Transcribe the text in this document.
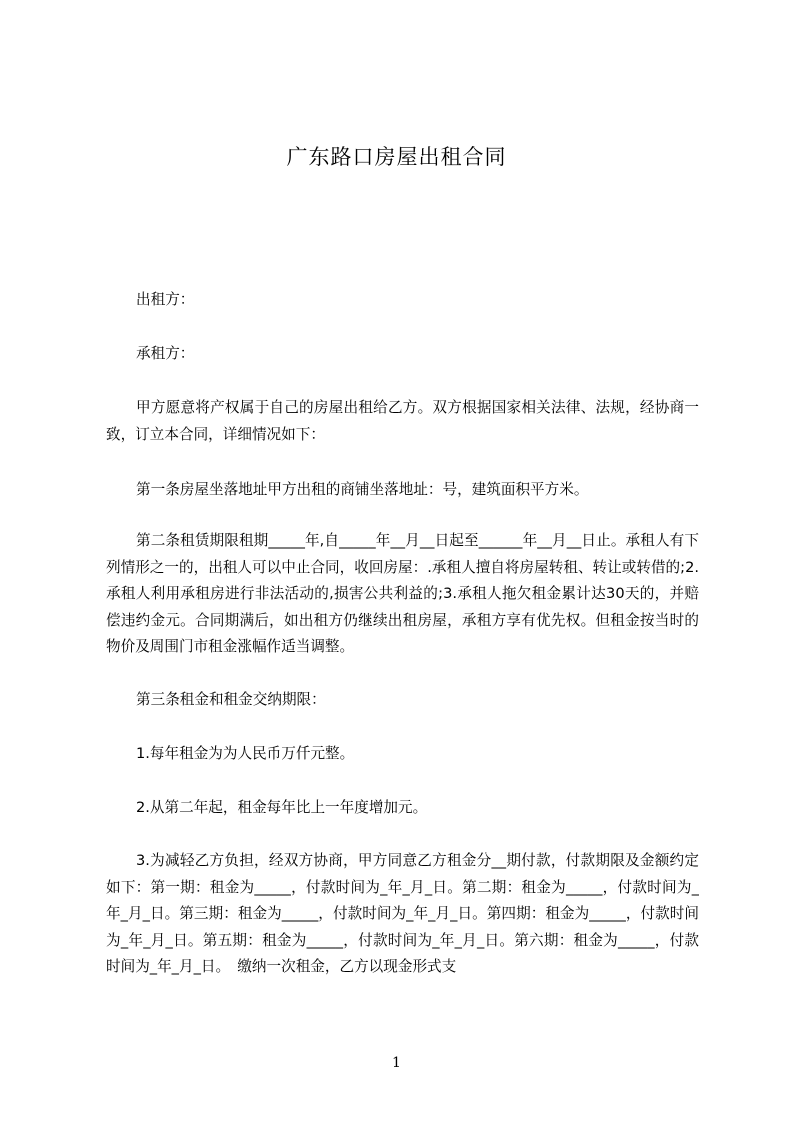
广东路口房屋出租合同

出租方：

承租方：

甲方愿意将产权属于自己的房屋出租给乙方。双方根据国家相关法律、法规，经协商一致，订立本合同，详细情况如下：

第一条房屋坐落地址甲方出租的商铺坐落地址：号，建筑面积平方米。

第二条租赁期限租期_____年,自_____年__月__日起至______年__月__日止。承租人有下列情形之一的，出租人可以中止合同，收回房屋：.承租人擅自将房屋转租、转让或转借的;2.承租人利用承租房进行非法活动的,损害公共利益的;3.承租人拖欠租金累计达30天的，并赔偿违约金元。合同期满后，如出租方仍继续出租房屋，承租方享有优先权。但租金按当时的物价及周围门市租金涨幅作适当调整。

第三条租金和租金交纳期限：

1.每年租金为为人民币万仟元整。

2.从第二年起，租金每年比上一年度增加元。

3.为减轻乙方负担，经双方协商，甲方同意乙方租金分__期付款，付款期限及金额约定如下：第一期：租金为_____，付款时间为_年_月_日。第二期：租金为_____，付款时间为_年_月_日。第三期：租金为_____，付款时间为_年_月_日。第四期：租金为_____，付款时间为_年_月_日。第五期：租金为_____，付款时间为_年_月_日。第六期：租金为_____，付款时间为_年_月_日。　缴纳一次租金，乙方以现金形式支

1
